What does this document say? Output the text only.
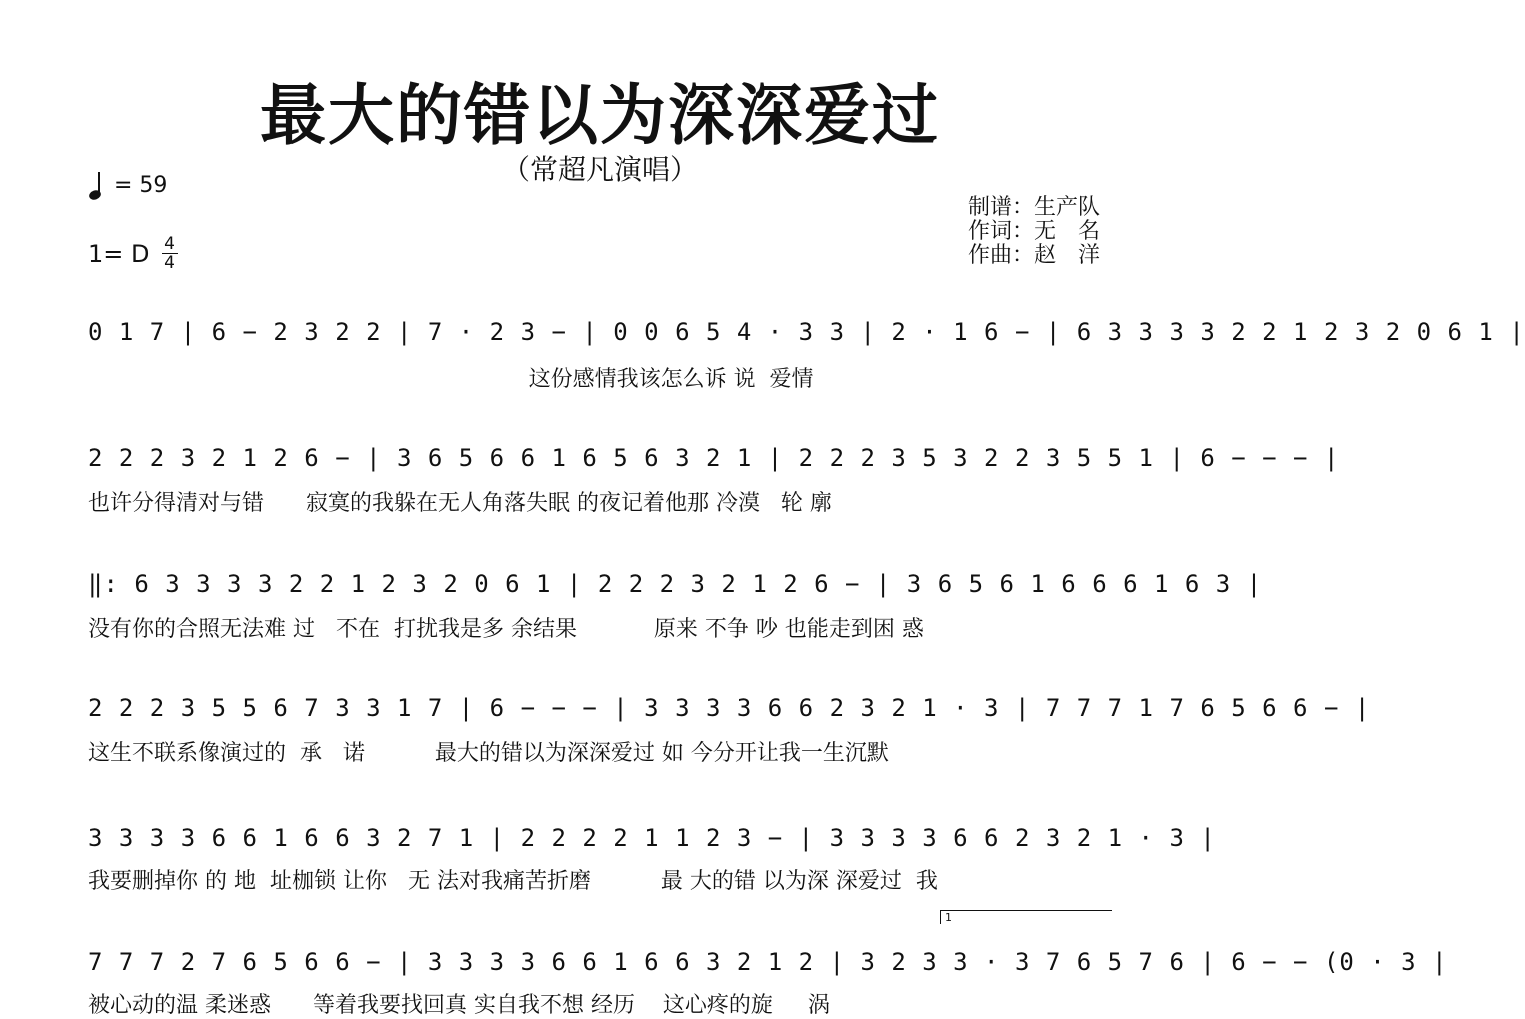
最大的错以为深深爱过
（常超凡演唱）
= 59
1= D 4
4
制谱： 生产队
作词： 无　名
作曲： 赵　洋
0 1 7 | 6 − 2 3 2 2 | 7 · 2 3 − | 0 0 6 5 4 · 3 3 | 2 · 1 6 − | 6 3 3 3 3 2 2 1 2 3 2 0 6 1 |
这份感情我该怎么诉 说  爱情
2 2 2 3 2 1 2 6 − | 3 6 5 6 6 1 6 5 6 3 2 1 | 2 2 2 3 5 3 2 2 3 5 5 1 | 6 − − − |
也许分得清对与错      寂寞的我躲在无人角落失眠 的夜记着他那 冷漠   轮 廓
‖: 6 3 3 3 3 2 2 1 2 3 2 0 6 1 | 2 2 2 3 2 1 2 6 − | 3 6 5 6 1 6 6 6 1 6 3 |
没有你的合照无法难 过   不在  打扰我是多 余结果           原来 不争 吵 也能走到困 惑
2 2 2 3 5 5 6 7 3 3 1 7 | 6 − − − | 3 3 3 3 6 6 2 3 2 1 · 3 | 7 7 7 1 7 6 5 6 6 − |
这生不联系像演过的  承   诺          最大的错以为深深爱过 如 今分开让我一生沉默
3 3 3 3 6 6 1 6 6 3 2 7 1 | 2 2 2 2 1 1 2 3 − | 3 3 3 3 6 6 2 3 2 1 · 3 |
我要删掉你 的 地  址枷锁 让你   无 法对我痛苦折磨          最 大的错 以为深 深爱过  我
1
7 7 7 2 7 6 5 6 6 − | 3 3 3 3 6 6 1 6 6 3 2 1 2 | 3 2 3 3 · 3 7 6 5 7 6 | 6 − − (0 · 3 |
被心动的温 柔迷惑      等着我要找回真 实自我不想 经历    这心疼的旋     涡
